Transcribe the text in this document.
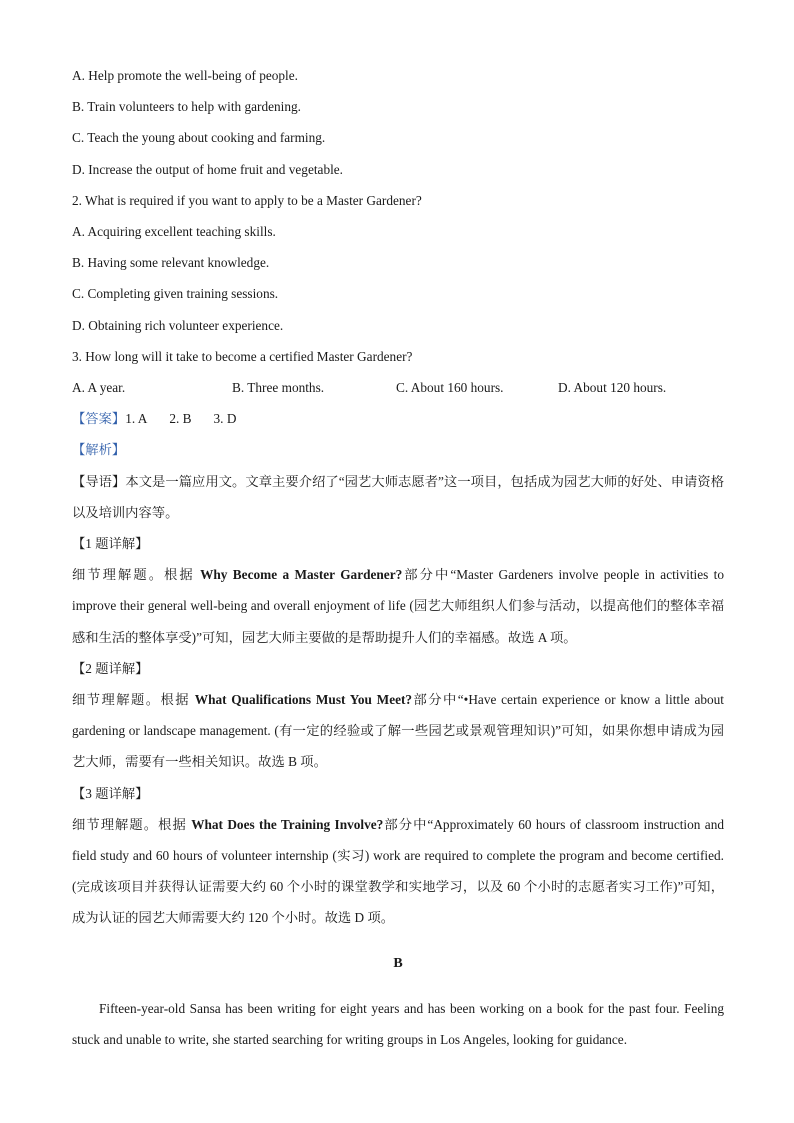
A. Help promote the well-being of people.

B. Train volunteers to help with gardening.

C. Teach the young about cooking and farming.

D. Increase the output of home fruit and vegetable.

2. What is required if you want to apply to be a Master Gardener?

A. Acquiring excellent teaching skills.

B. Having some relevant knowledge.

C. Completing given training sessions.

D. Obtaining rich volunteer experience.

3. How long will it take to become a certified Master Gardener?

A. A year.	B. Three months.	C. About 160 hours.	D. About 120 hours.
【答案】1. A 2. B 3. D

【解析】

【导语】本文是一篇应用文。文章主要介绍了“园艺大师志愿者”这一项目，包括成为园艺大师的好处、申请资格以及培训内容等。

【1 题详解】

细节理解题。根据 Why Become a Master Gardener?部分中“Master Gardeners involve people in activities to improve their general well-being and overall enjoyment of life (园艺大师组织人们参与活动，以提高他们的整体幸福感和生活的整体享受)”可知，园艺大师主要做的是帮助提升人们的幸福感。故选 A 项。

【2 题详解】

细节理解题。根据 What Qualifications Must You Meet?部分中“•Have certain experience or know a little about gardening or landscape management. (有一定的经验或了解一些园艺或景观管理知识)”可知，如果你想申请成为园艺大师，需要有一些相关知识。故选 B 项。

【3 题详解】

细节理解题。根据 What Does the Training Involve?部分中“Approximately 60 hours of classroom instruction and field study and 60 hours of volunteer internship (实习) work are required to complete the program and become certified. (完成该项目并获得认证需要大约 60 个小时的课堂教学和实地学习，以及 60 个小时的志愿者实习工作)”可知，成为认证的园艺大师需要大约 120 个小时。故选 D 项。

B

Fifteen-year-old Sansa has been writing for eight years and has been working on a book for the past four. Feeling stuck and unable to write, she started searching for writing groups in Los Angeles, looking for guidance.
